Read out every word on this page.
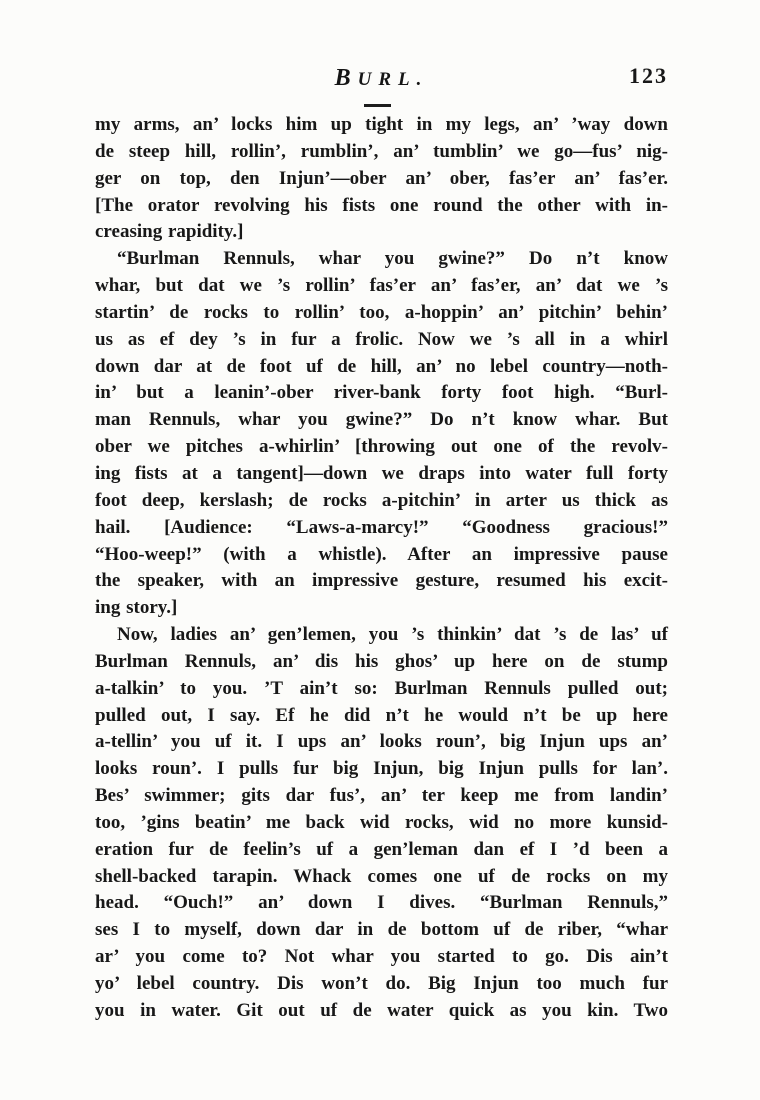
BURL.	123
my arms, an’ locks him up tight in my legs, an’ ’way down
de steep hill, rollin’, rumblin’, an’ tumblin’ we go—fus’ nig-
ger on top, den Injun’—ober an’ ober, fas’er an’ fas’er.
[The orator revolving his fists one round the other with in-
creasing rapidity.]
“Burlman Rennuls, whar you gwine?” Do n’t know
whar, but dat we ’s rollin’ fas’er an’ fas’er, an’ dat we ’s
startin’ de rocks to rollin’ too, a-hoppin’ an’ pitchin’ behin’
us as ef dey ’s in fur a frolic. Now we ’s all in a whirl
down dar at de foot uf de hill, an’ no lebel country—noth-
in’ but a leanin’-ober river-bank forty foot high. “Burl-
man Rennuls, whar you gwine?” Do n’t know whar. But
ober we pitches a-whirlin’ [throwing out one of the revolv-
ing fists at a tangent]—down we draps into water full forty
foot deep, kerslash; de rocks a-pitchin’ in arter us thick as
hail. [Audience: “Laws-a-marcy!” “Goodness gracious!”
“Hoo-weep!” (with a whistle). After an impressive pause
the speaker, with an impressive gesture, resumed his excit-
ing story.]
Now, ladies an’ gen’lemen, you ’s thinkin’ dat ’s de las’ uf
Burlman Rennuls, an’ dis his ghos’ up here on de stump
a-talkin’ to you. ’T ain’t so: Burlman Rennuls pulled out;
pulled out, I say. Ef he did n’t he would n’t be up here
a-tellin’ you uf it. I ups an’ looks roun’, big Injun ups an’
looks roun’. I pulls fur big Injun, big Injun pulls for lan’.
Bes’ swimmer; gits dar fus’, an’ ter keep me from landin’
too, ’gins beatin’ me back wid rocks, wid no more kunsid-
eration fur de feelin’s uf a gen’leman dan ef I ’d been a
shell-backed tarapin. Whack comes one uf de rocks on my
head. “Ouch!” an’ down I dives. “Burlman Rennuls,”
ses I to myself, down dar in de bottom uf de riber, “whar
ar’ you come to? Not whar you started to go. Dis ain’t
yo’ lebel country. Dis won’t do. Big Injun too much fur
you in water. Git out uf de water quick as you kin. Two
